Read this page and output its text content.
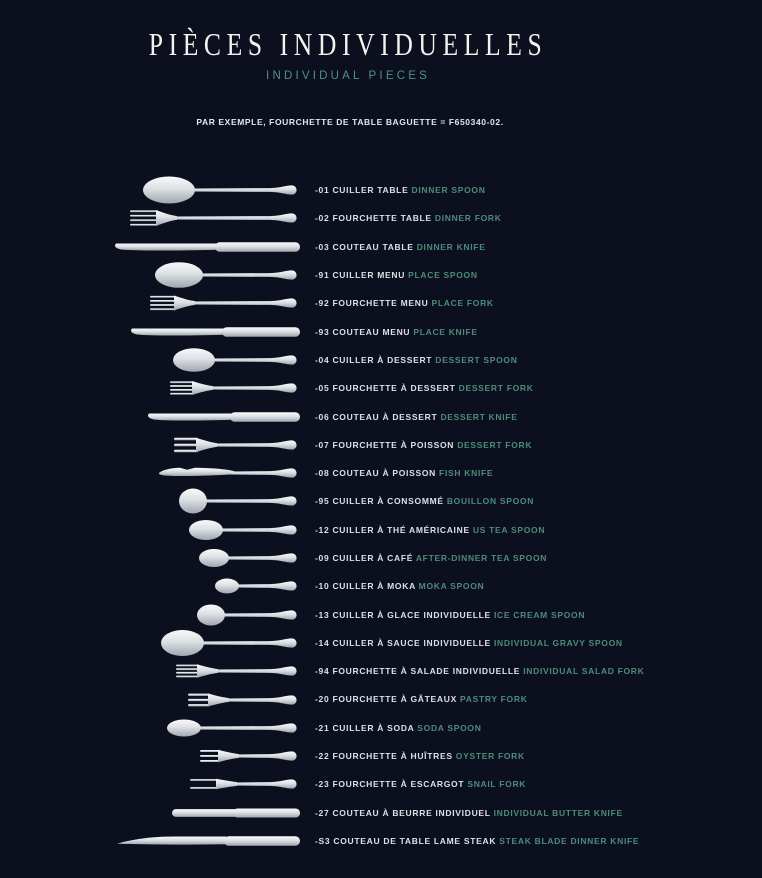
PIÈCES INDIVIDUELLES
INDIVIDUAL PIECES

PAR EXEMPLE, FOURCHETTE DE TABLE BAGUETTE = F650340-02.

-01 CUILLER TABLE DINNER SPOON
-02 FOURCHETTE TABLE DINNER FORK
-03 COUTEAU TABLE DINNER KNIFE
-91 CUILLER MENU PLACE SPOON
-92 FOURCHETTE MENU PLACE FORK
-93 COUTEAU MENU PLACE KNIFE
-04 CUILLER À DESSERT DESSERT SPOON
-05 FOURCHETTE À DESSERT DESSERT FORK
-06 COUTEAU À DESSERT DESSERT KNIFE
-07 FOURCHETTE À POISSON DESSERT FORK
-08 COUTEAU À POISSON FISH KNIFE
-95 CUILLER À CONSOMMÉ BOUILLON SPOON
-12 CUILLER À THÉ AMÉRICAINE US TEA SPOON
-09 CUILLER À CAFÉ AFTER-DINNER TEA SPOON
-10 CUILLER À MOKA MOKA SPOON
-13 CUILLER À GLACE INDIVIDUELLE ICE CREAM SPOON
-14 CUILLER À SAUCE INDIVIDUELLE INDIVIDUAL GRAVY SPOON
-94 FOURCHETTE À SALADE INDIVIDUELLE INDIVIDUAL SALAD FORK
-20 FOURCHETTE À GÂTEAUX PASTRY FORK
-21 CUILLER À SODA SODA SPOON
-22 FOURCHETTE À HUÎTRES OYSTER FORK
-23 FOURCHETTE À ESCARGOT SNAIL FORK
-27 COUTEAU À BEURRE INDIVIDUEL INDIVIDUAL BUTTER KNIFE
-S3 COUTEAU DE TABLE LAME STEAK STEAK BLADE DINNER KNIFE
